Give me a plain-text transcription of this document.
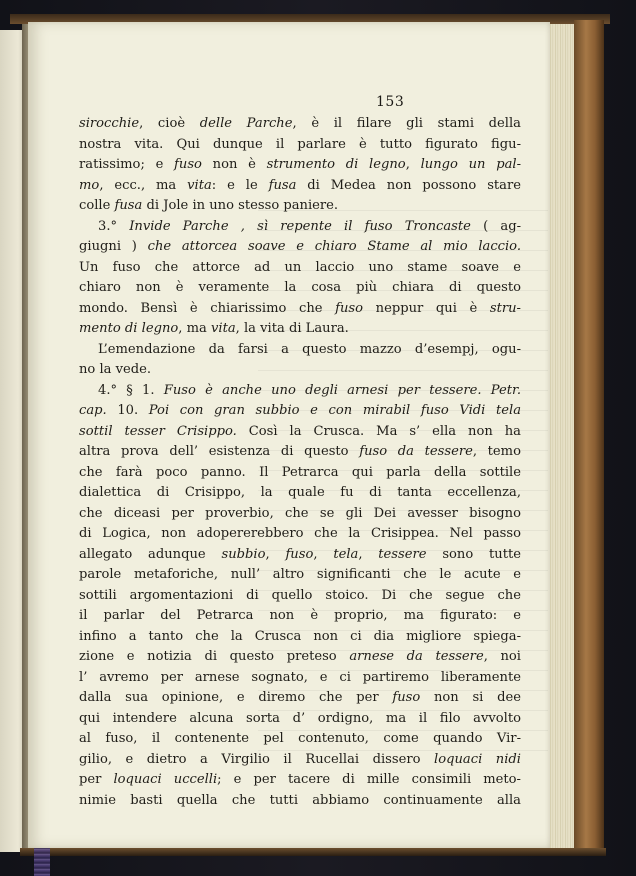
153
sirocchie, cioè delle Parche, è il filare gli stami della
nostra vita. Qui dunque il parlare è tutto figurato figu-
ratissimo; e fuso non è strumento di legno, lungo un pal-
mo, ecc., ma vita: e le fusa di Medea non possono stare
colle fusa di Jole in uno stesso paniere.
3.° Invide Parche , sì repente il fuso Troncaste ( ag-
giugni ) che attorcea soave e chiaro Stame al mio laccio.
Un fuso che attorce ad un laccio uno stame soave e
chiaro non è veramente la cosa più chiara di questo
mondo. Bensì è chiarissimo che fuso neppur qui è stru-
mento di legno, ma vita, la vita di Laura.
L’emendazione da farsi a questo mazzo d’esempj, ogu-
no la vede.
4.° § 1. Fuso è anche uno degli arnesi per tessere. Petr.
cap. 10. Poi con gran subbio e con mirabil fuso Vidi tela
sottil tesser Crisippo. Così la Crusca. Ma s’ ella non ha
altra prova dell’ esistenza di questo fuso da tessere, temo
che farà poco panno. Il Petrarca qui parla della sottile
dialettica di Crisippo, la quale fu di tanta eccellenza,
che diceasi per proverbio, che se gli Dei avesser bisogno
di Logica, non adopererebbero che la Crisippea. Nel passo
allegato adunque subbio, fuso, tela, tessere sono tutte
parole metaforiche, null’ altro significanti che le acute e
sottili argomentazioni di quello stoico. Di che segue che
il parlar del Petrarca non è proprio, ma figurato: e
infino a tanto che la Crusca non ci dia migliore spiega-
zione e notizia di questo preteso arnese da tessere, noi
l’ avremo per arnese sognato, e ci partiremo liberamente
dalla sua opinione, e diremo che per fuso non si dee
qui intendere alcuna sorta d’ ordigno, ma il filo avvolto
al fuso, il contenente pel contenuto, come quando Vir-
gilio, e dietro a Virgilio il Rucellai dissero loquaci nidi
per loquaci uccelli; e per tacere di mille consimili meto-
nimie basti quella che tutti abbiamo continuamente alla
